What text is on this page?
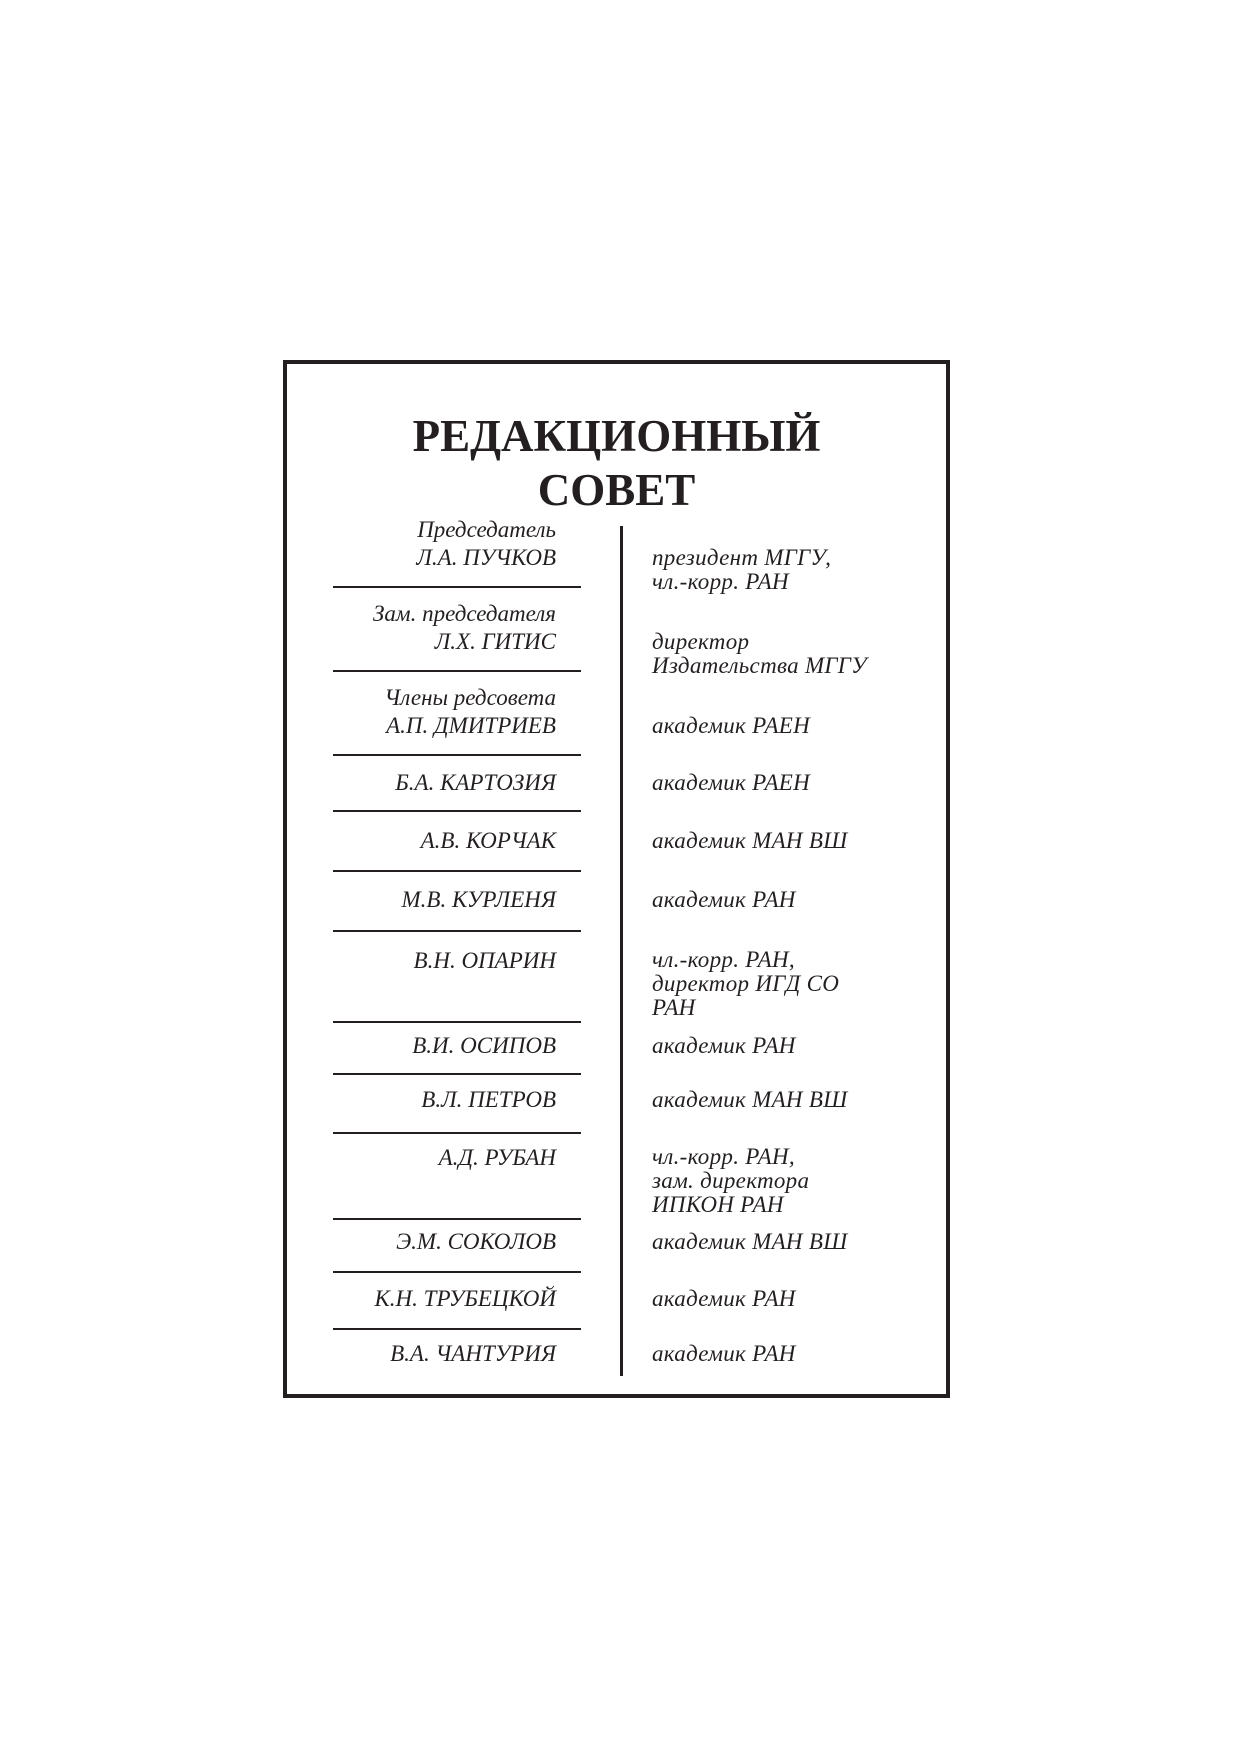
РЕДАКЦИОННЫЙ
СОВЕТ
Председатель
Л.А. ПУЧКОВ	президент МГГУ,
чл.-корр. РАН
Зам. председателя
Л.Х. ГИТИС	директор
Издательства МГГУ
Члены редсовета
А.П. ДМИТРИЕВ	академик РАЕН
Б.А. КАРТОЗИЯ	академик РАЕН
А.В. КОРЧАК	академик МАН ВШ
М.В. КУРЛЕНЯ	академик РАН
В.Н. ОПАРИН	чл.-корр. РАН,
директор ИГД СО
РАН
В.И. ОСИПОВ	академик РАН
В.Л. ПЕТРОВ	академик МАН ВШ
А.Д. РУБАН	чл.-корр. РАН,
зам. директора
ИПКОН РАН
Э.М. СОКОЛОВ	академик МАН ВШ
К.Н. ТРУБЕЦКОЙ	академик РАН
В.А. ЧАНТУРИЯ	академик РАН
